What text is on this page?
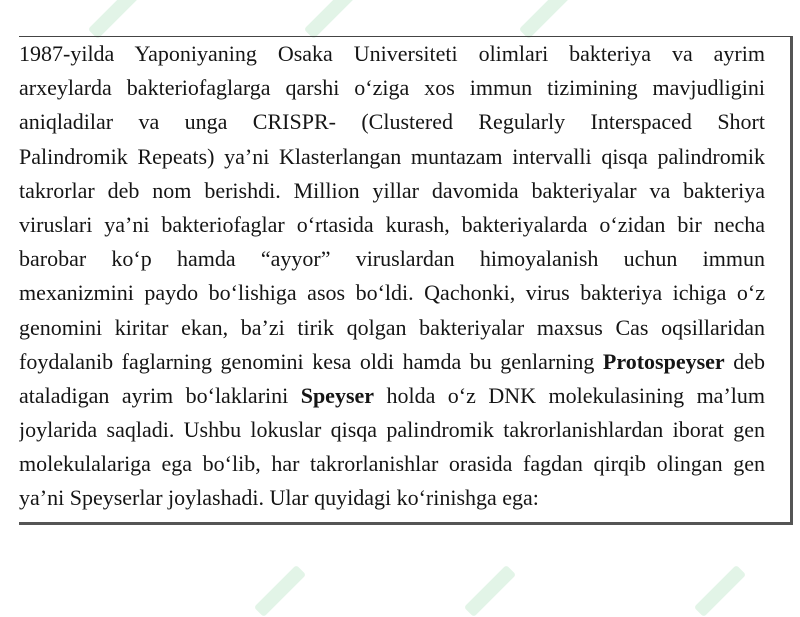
1987-yilda Yaponiyaning Osaka Universiteti olimlari bakteriya va ayrim
arxeylarda bakteriofaglarga qarshi o‘ziga xos immun tizimining mavjudligini
aniqladilar va unga CRISPR- (Clustered Regularly Interspaced Short
Palindromik Repeats) ya’ni Klasterlangan muntazam intervalli qisqa palindromik
takrorlar deb nom berishdi. Million yillar davomida bakteriyalar va bakteriya
viruslari ya’ni bakteriofaglar o‘rtasida kurash, bakteriyalarda o‘zidan bir necha
barobar ko‘p hamda “ayyor” viruslardan himoyalanish uchun immun
mexanizmini paydo bo‘lishiga asos bo‘ldi. Qachonki, virus bakteriya ichiga o‘z
genomini kiritar ekan, ba’zi tirik qolgan bakteriyalar maxsus Cas oqsillaridan
foydalanib faglarning genomini kesa oldi hamda bu genlarning Protospeyser deb
ataladigan ayrim bo‘laklarini Speyser holda o‘z DNK molekulasining ma’lum
joylarida saqladi. Ushbu lokuslar qisqa palindromik takrorlanishlardan iborat gen
molekulalariga ega bo‘lib, har takrorlanishlar orasida fagdan qirqib olingan gen
ya’ni Speyserlar joylashadi. Ular quyidagi ko‘rinishga ega:
